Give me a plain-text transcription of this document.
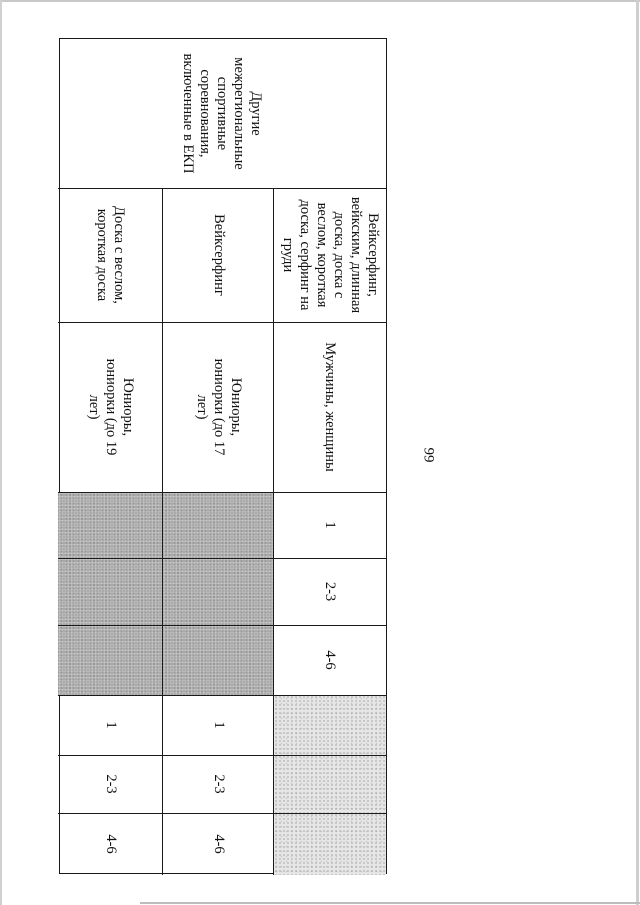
99
Другие межрегиональные спортивные соревнования, включенные в ЕКП
Вейксерфинг, вейкским, длинная доска, доска с веслом, короткая доска, серфинг на груди
Мужчины, женщины
1
2-3
4-6
Вейксерфинг
Юниоры, юниорки (до 17 лет)
1
2-3
4-6
Доска с веслом, короткая доска
Юниоры, юниорки (до 19 лет)
1
2-3
4-6
